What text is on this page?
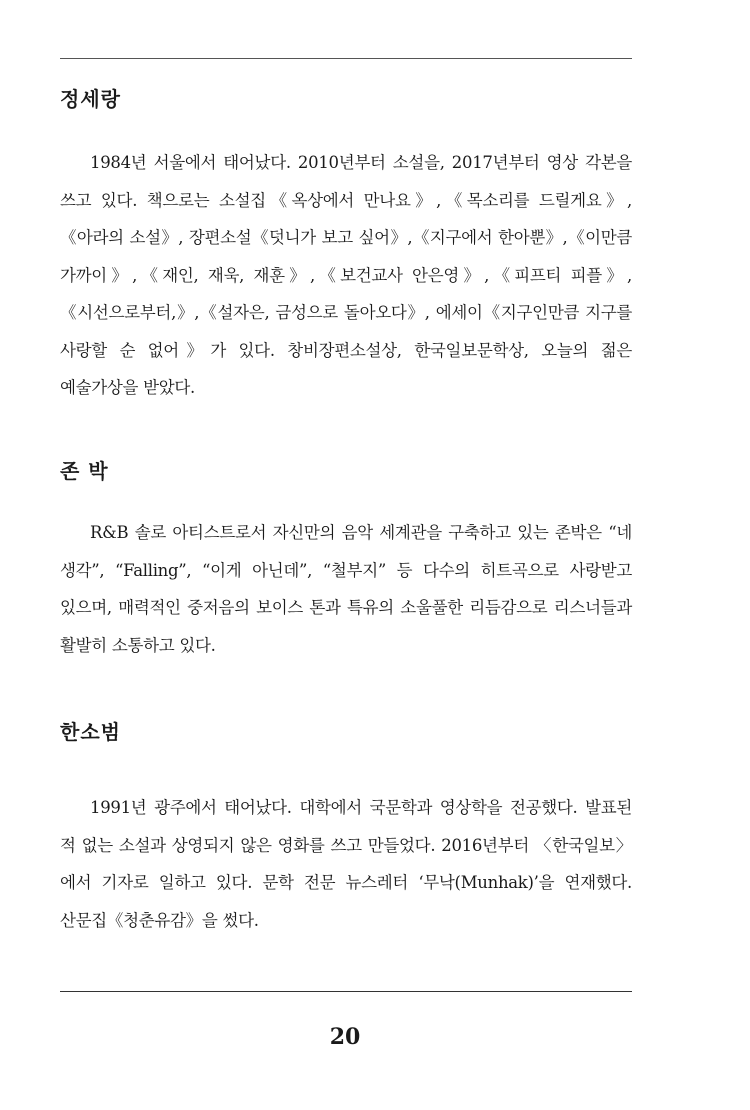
정세랑

1984년 서울에서 태어났다. 2010년부터 소설을, 2017년부터 영상 각본을 쓰고 있다. 책으로는 소설집《옥상에서 만나요》,《목소리를 드릴게요》,《아라의 소설》, 장편소설《덧니가 보고 싶어》,《지구에서 한아뿐》,《이만큼 가까이》,《재인, 재욱, 재훈》,《보건교사 안은영》,《피프티 피플》,《시선으로부터,》,《설자은, 금성으로 돌아오다》, 에세이《지구인만큼 지구를 사랑할 순 없어》가 있다. 창비장편소설상, 한국일보문학상, 오늘의 젊은 예술가상을 받았다.

존 박

R&B 솔로 아티스트로서 자신만의 음악 세계관을 구축하고 있는 존박은 “네 생각”, “Falling”, “이게 아닌데”, “철부지” 등 다수의 히트곡으로 사랑받고 있으며, 매력적인 중저음의 보이스 톤과 특유의 소울풀한 리듬감으로 리스너들과 활발히 소통하고 있다.

한소범

1991년 광주에서 태어났다. 대학에서 국문학과 영상학을 전공했다. 발표된 적 없는 소설과 상영되지 않은 영화를 쓰고 만들었다. 2016년부터 〈한국일보〉에서 기자로 일하고 있다. 문학 전문 뉴스레터 ‘무낙(Munhak)’을 연재했다. 산문집《청춘유감》을 썼다.

20
